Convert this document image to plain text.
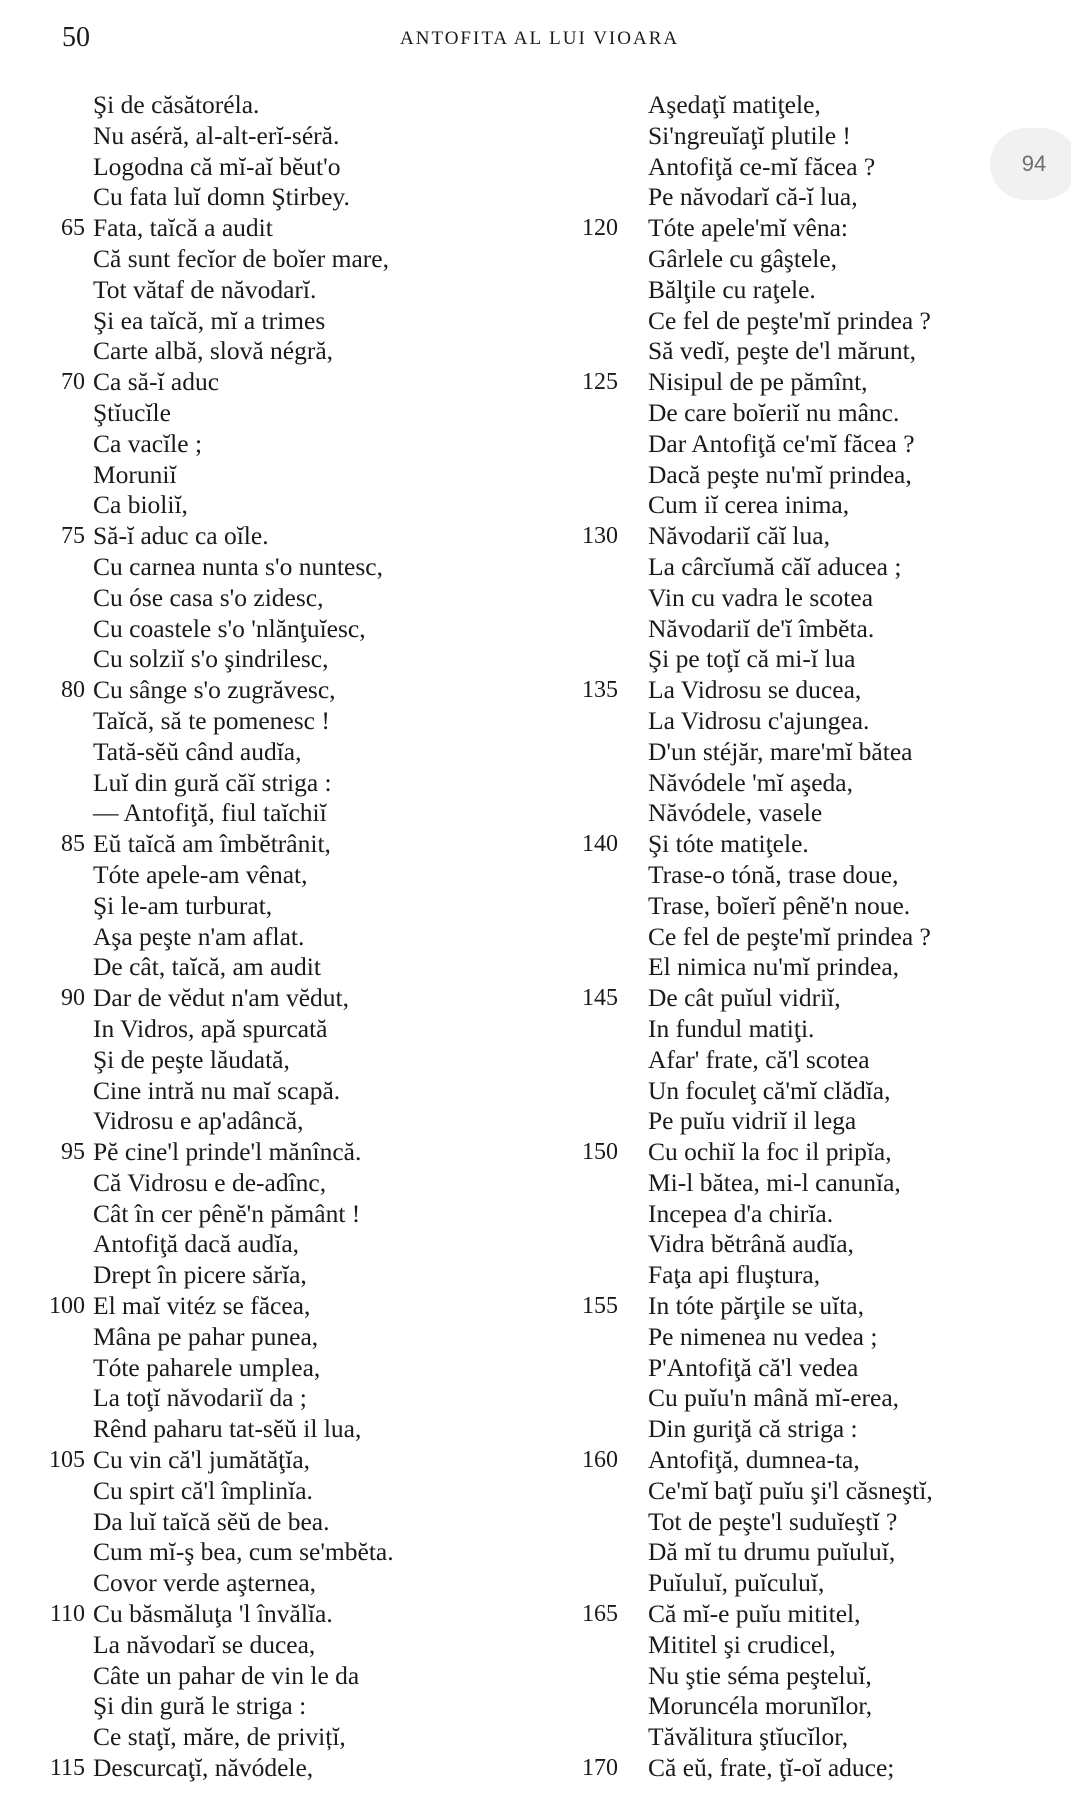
50	ANTOFITA AL LUI VIOARA
94
Şi de căsătoréla.
Nu aséră, al-alt-erĭ-séră.
Logodna că mĭ-aĭ bĕut'o
Cu fata luĭ domn Ştirbey.
65 Fata, taĭcă a audit
Că sunt fecĭor de boĭer mare,
Tot vătaf de năvodarĭ.
Şi ea taĭcă, mĭ a trimes
Carte albă, slovă négră,
70 Ca să-ĭ aduc
Ştĭucĭle
Ca vacĭle ;
Moruniĭ
Ca bioliĭ,
75 Să-ĭ aduc ca oĭle.
Cu carnea nunta s'o nuntesc,
Cu óse casa s'o zidesc,
Cu coastele s'o 'nlănţuĭesc,
Cu solziĭ s'o şindrilesc,
80 Cu sânge s'o zugrăvesc,
Taĭcă, să te pomenesc !
Tată-sĕŭ când audĭa,
Luĭ din gură căĭ striga :
— Antofiţă, fiul taĭchiĭ
85 Eŭ taĭcă am îmbĕtrânit,
Tóte apele-am vênat,
Şi le-am turburat,
Aşa peşte n'am aflat.
De cât, taĭcă, am audit
90 Dar de vĕdut n'am vĕdut,
In Vidros, apă spurcată
Şi de peşte lăudată,
Cine intră nu maĭ scapă.
Vidrosu e ap'adâncă,
95 Pĕ cine'l prinde'l mănîncă.
Că Vidrosu e de-adînc,
Cât în cer pênĕ'n pământ !
Antofiţă dacă audĭa,
Drept în picere sărĭa,
100 El maĭ vitéz se făcea,
Mâna pe pahar punea,
Tóte paharele umplea,
La toţĭ năvodariĭ da ;
Rênd paharu tat-sĕŭ il lua,
105 Cu vin că'l jumătăţĭa,
Cu spirt că'l împlinĭa.
Da luĭ taĭcă sĕŭ de bea.
Cum mĭ-ş bea, cum se'mbĕta.
Covor verde aşternea,
110 Cu băsmăluţa 'l învălĭa.
La năvodarĭ se ducea,
Câte un pahar de vin le da
Şi din gură le striga :
Ce staţĭ, măre, de privițĭ,
115 Descurcaţĭ, năvódele,
Aşedaţĭ matiţele,
Si'ngreuĭaţĭ plutile !
Antofiţă ce-mĭ făcea ?
Pe năvodarĭ că-ĭ lua,
120 Tóte apele'mĭ vêna:
Gârlele cu gâştele,
Bălţile cu raţele.
Ce fel de peşte'mĭ prindea ?
Să vedĭ, peşte de'l mărunt,
125 Nisipul de pe pămînt,
De care boĭeriĭ nu mânc.
Dar Antofiţă ce'mĭ făcea ?
Dacă peşte nu'mĭ prindea,
Cum iĭ cerea inima,
130 Năvodariĭ căĭ lua,
La cârcĭumă căĭ aducea ;
Vin cu vadra le scotea
Năvodariĭ de'ĭ îmbĕta.
Şi pe toţĭ că mi-ĭ lua
135 La Vidrosu se ducea,
La Vidrosu c'ajungea.
D'un stéjăr, mare'mĭ bătea
Năvódele 'mĭ aşeda,
Năvódele, vasele
140 Şi tóte matiţele.
Trase-o tónă, trase doue,
Trase, boĭerĭ pênĕ'n noue.
Ce fel de peşte'mĭ prindea ?
El nimica nu'mĭ prindea,
145 De cât puĭul vidriĭ,
In fundul matiţi.
Afar' frate, că'l scotea
Un foculeţ că'mĭ clădĭa,
Pe puĭu vidriĭ il lega
150 Cu ochiĭ la foc il pripĭa,
Mi-l bătea, mi-l canunĭa,
Incepea d'a chirĭa.
Vidra bĕtrână audĭa,
Faţa api fluştura,
155 In tóte părţile se uĭta,
Pe nimenea nu vedea ;
P'Antofiţă că'l vedea
Cu puĭu'n mână mĭ-erea,
Din guriţă că striga :
160 Antofiţă, dumnea-ta,
Ce'mĭ baţĭ puĭu şi'l căsneştĭ,
Tot de peşte'l suduĭeştĭ ?
Dă mĭ tu drumu puĭuluĭ,
Puĭuluĭ, puĭculuĭ,
165 Că mĭ-e puĭu mititel,
Mititel şi crudicel,
Nu ştie séma peşteluĭ,
Moruncéla morunĭlor,
Tăvălitura ştĭucĭlor,
170 Că eŭ, frate, ţĭ-oĭ aduce;
